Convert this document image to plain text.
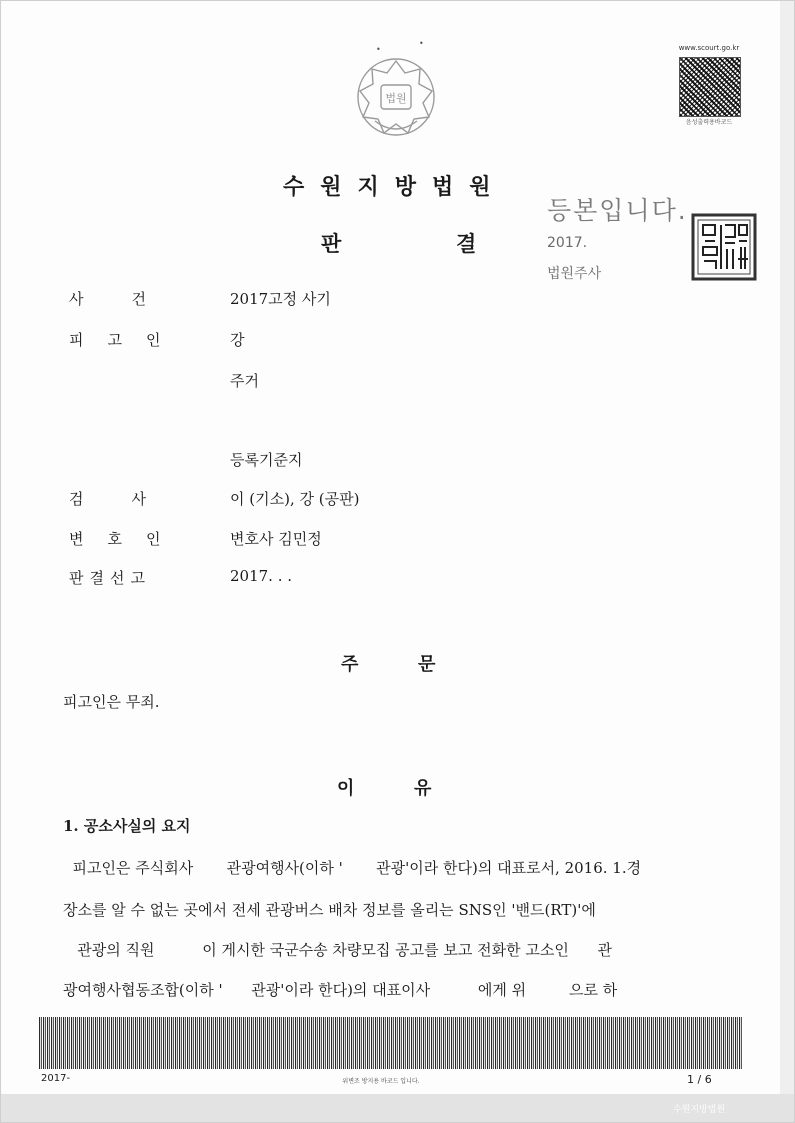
•
•
법원
www.scourt.go.kr
음성출력용바코드
수원지방법원
판	결
등본입니다.
2017.
법원주사
사건 2017고정 사기
피고인	강
주거
등록기준지
검사 이 (기소), 강 (공판)
변호인	변호사 김민정
판결선고	2017. . .
주	문
피고인은 무죄.
이	유
1. 공소사실의 요지
피고인은 주식회사       관광여행사(이하 '       관광'이라 한다)의 대표로서, 2016. 1.경
장소를 알 수 없는 곳에서 전세 관광버스 배차 정보를 올리는 SNS인 '밴드(RT)'에
관광의 직원          이 게시한 국군수송 차량모집 공고를 보고 전화한 고소인      관
광여행사협동조합(이하 '      관광'이라 한다)의 대표이사          에게 위         으로 하
2017-	위변조 방지용 바코드 입니다.	1 / 6
수원지방법원
